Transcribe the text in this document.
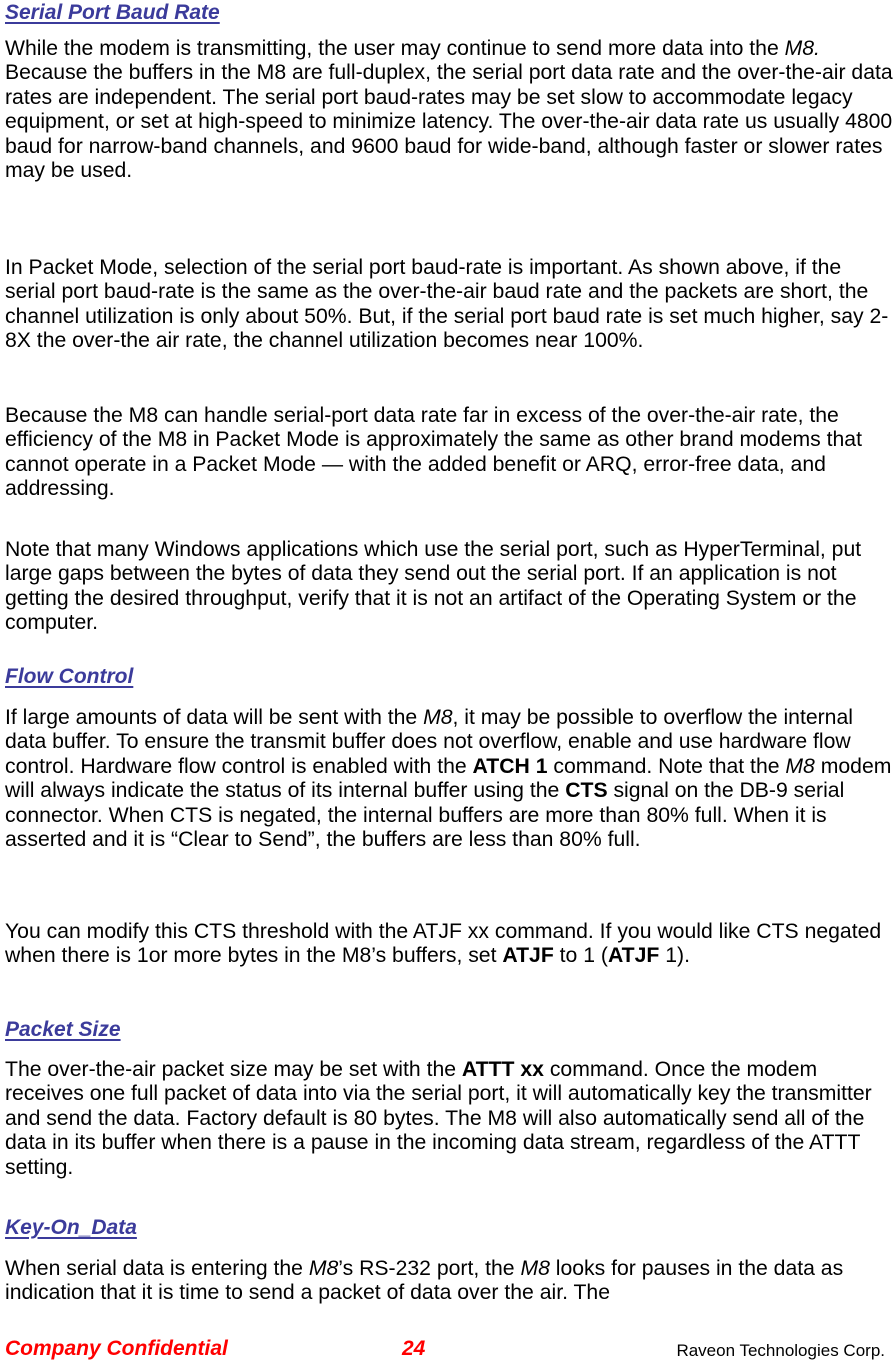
Serial Port Baud Rate

While the modem is transmitting, the user may continue to send more data into the M8. Because the buffers in the M8 are full-duplex, the serial port data rate and the over-the-air data rates are independent. The serial port baud-rates may be set slow to accommodate legacy equipment, or set at high-speed to minimize latency. The over-the-air data rate us usually 4800 baud for narrow-band channels, and 9600 baud for wide-band, although faster or slower rates may be used.

In Packet Mode, selection of the serial port baud-rate is important. As shown above, if the serial port baud-rate is the same as the over-the-air baud rate and the packets are short, the channel utilization is only about 50%. But, if the serial port baud rate is set much higher, say 2-8X the over-the air rate, the channel utilization becomes near 100%.

Because the M8 can handle serial-port data rate far in excess of the over-the-air rate, the efficiency of the M8 in Packet Mode is approximately the same as other brand modems that cannot operate in a Packet Mode — with the added benefit or ARQ, error-free data, and addressing.

Note that many Windows applications which use the serial port, such as HyperTerminal, put large gaps between the bytes of data they send out the serial port. If an application is not getting the desired throughput, verify that it is not an artifact of the Operating System or the computer.

Flow Control

If large amounts of data will be sent with the M8, it may be possible to overflow the internal data buffer. To ensure the transmit buffer does not overflow, enable and use hardware flow control. Hardware flow control is enabled with the ATCH 1 command. Note that the M8 modem will always indicate the status of its internal buffer using the CTS signal on the DB-9 serial connector. When CTS is negated, the internal buffers are more than 80% full. When it is asserted and it is “Clear to Send”, the buffers are less than 80% full.

You can modify this CTS threshold with the ATJF xx command. If you would like CTS negated when there is 1or more bytes in the M8’s buffers, set ATJF to 1 (ATJF 1).

Packet Size

The over-the-air packet size may be set with the ATTT xx command. Once the modem receives one full packet of data into via the serial port, it will automatically key the transmitter and send the data. Factory default is 80 bytes. The M8 will also automatically send all of the data in its buffer when there is a pause in the incoming data stream, regardless of the ATTT setting.

Key-On_Data

When serial data is entering the M8’s RS-232 port, the M8 looks for pauses in the data as indication that it is time to send a packet of data over the air. The

Company Confidential	24	Raveon Technologies Corp.
